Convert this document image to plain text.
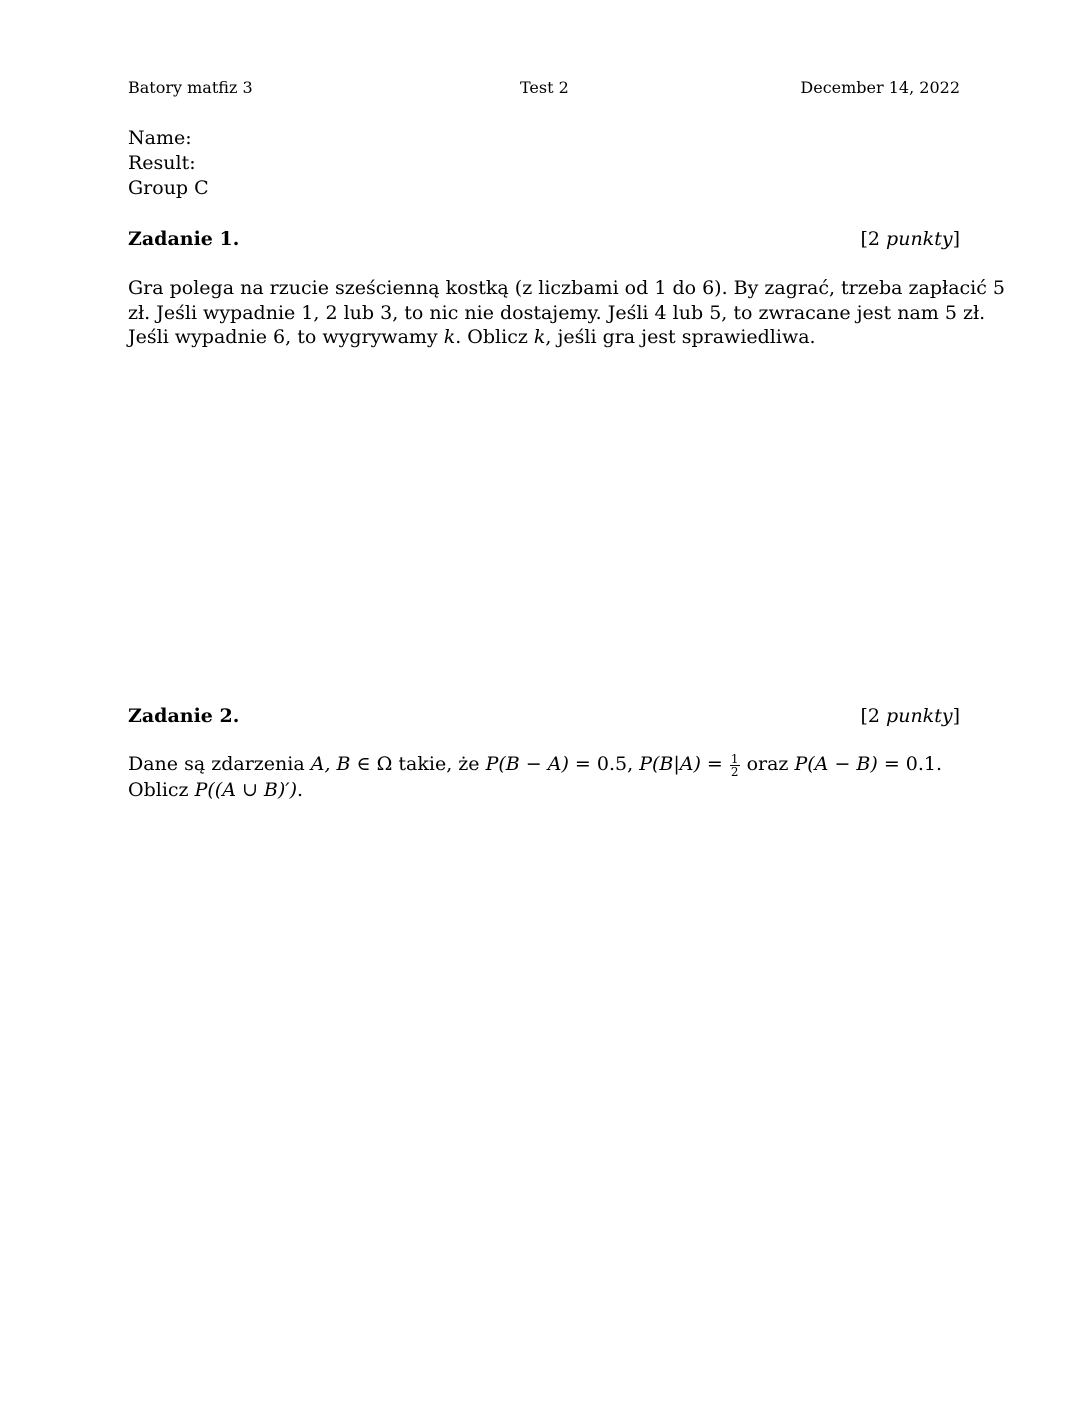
Batory matfiz 3	Test 2	December 14, 2022
Name:
Result:
Group C
Zadanie 1.	[2 punkty]
Gra polega na rzucie sześcienną kostką (z liczbami od 1 do 6). By zagrać, trzeba zapłacić 5
zł. Jeśli wypadnie 1, 2 lub 3, to nic nie dostajemy. Jeśli 4 lub 5, to zwracane jest nam 5 zł.
Jeśli wypadnie 6, to wygrywamy k. Oblicz k, jeśli gra jest sprawiedliwa.
Zadanie 2.	[2 punkty]
Dane są zdarzenia A, B ∈ Ω takie, że P(B − A) = 0.5, $P(B|A) = \frac{1}{2}$ oraz P(A − B) = 0.1.
Oblicz P((A ∪ B)′).
